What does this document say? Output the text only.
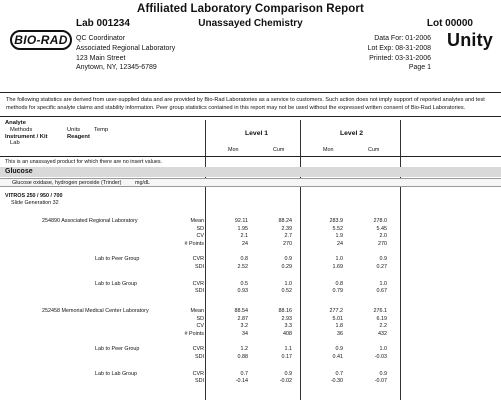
Affiliated Laboratory Comparison Report
Lab 001234	Unassayed Chemistry	Lot 00000
BIO-RAD QC Coordinator
Associated Regional Laboratory
123 Main Street
Anytown, NY, 12345-6789
Data For: 01-2006
Lot Exp: 08-31-2008
Printed: 03-31-2006
Page 1
Unity
The following statistics are derived from user-supplied data and are provided by Bio-Rad Laboratories as a service to customers. Such action does not imply support of reported analytes and test methods for specific analyte claims and stability information. Peer group statistics contained in this report may not be used without the expressed written consent of Bio-Rad Laboratories.
Analyte
Methods
Instrument / Kit
Lab
Units Temp
Reagent	Level 1	Level 2
Mon	Cum	Mon	Cum
This is an unassayed product for which there are no insert values.
Glucose
Glucose oxidase, hydrogen peroxide (Trinder)	mg/dL
VITROS 250 / 950 / 700
Slide Generation 32
254890 Associated Regional Laboratory	Mean	92.11	88.24	283.9	278.0
SD	1.95	2.39	5.52	5.45
CV	2.1	2.7	1.9	2.0
# Points	24	270	24	270
Lab to Peer Group	CVR	0.8	0.9	1.0	0.9
SDI	2.52	0.29	1.69	0.27
Lab to Lab Group	CVR	0.5	1.0	0.8	1.0
SDI	0.93	0.52	0.79	0.67
252458 Memorial Medical Center Laboratory	Mean	88.54	88.16	277.2	276.1
SD	2.87	2.93	5.01	6.19
CV	3.2	3.3	1.8	2.2
# Points	34	408	36	432
Lab to Peer Group	CVR	1.2	1.1	0.9	1.0
SDI	0.88	0.17	0.41	-0.03
Lab to Lab Group	CVR	0.7	0.9	0.7	0.9
SDI	-0.14	-0.02	-0.30	-0.07
